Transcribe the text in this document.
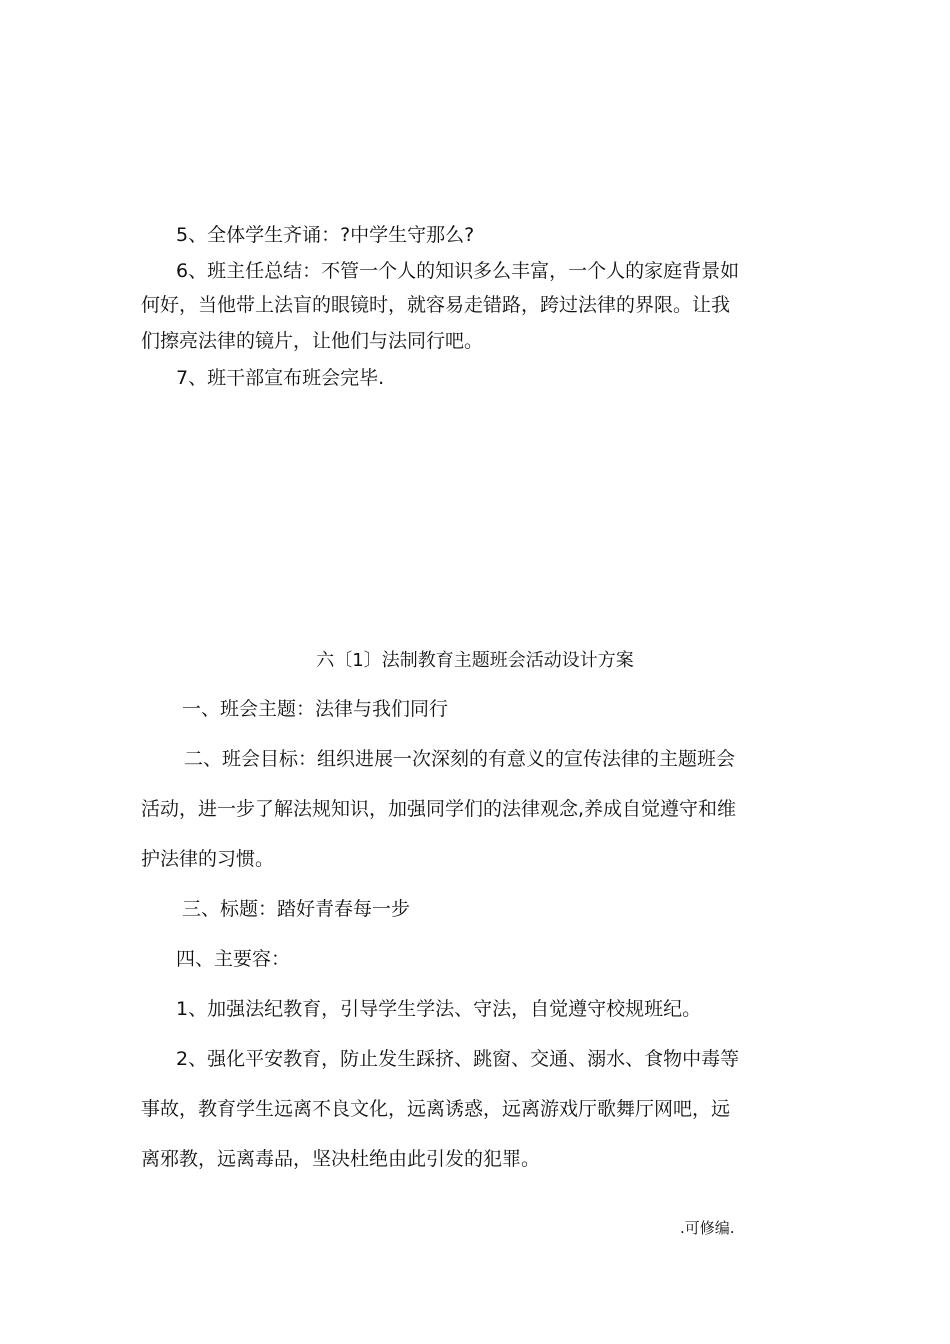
5、全体学生齐诵：?中学生守那么?

6、班主任总结：不管一个人的知识多么丰富，一个人的家庭背景如

何好，当他带上法盲的眼镜时，就容易走错路，跨过法律的界限。让我

们擦亮法律的镜片，让他们与法同行吧。

7、班干部宣布班会完毕.

六〔1〕法制教育主题班会活动设计方案

一、班会主题：法律与我们同行

二、班会目标：组织进展一次深刻的有意义的宣传法律的主题班会

活动，进一步了解法规知识，加强同学们的法律观念,养成自觉遵守和维

护法律的习惯。

三、标题：踏好青春每一步

四、主要容：

1、加强法纪教育，引导学生学法、守法，自觉遵守校规班纪。

2、强化平安教育，防止发生踩挤、跳窗、交通、溺水、食物中毒等

事故，教育学生远离不良文化，远离诱惑，远离游戏厅歌舞厅网吧，远

离邪教，远离毒品，坚决杜绝由此引发的犯罪。

.可修编.
